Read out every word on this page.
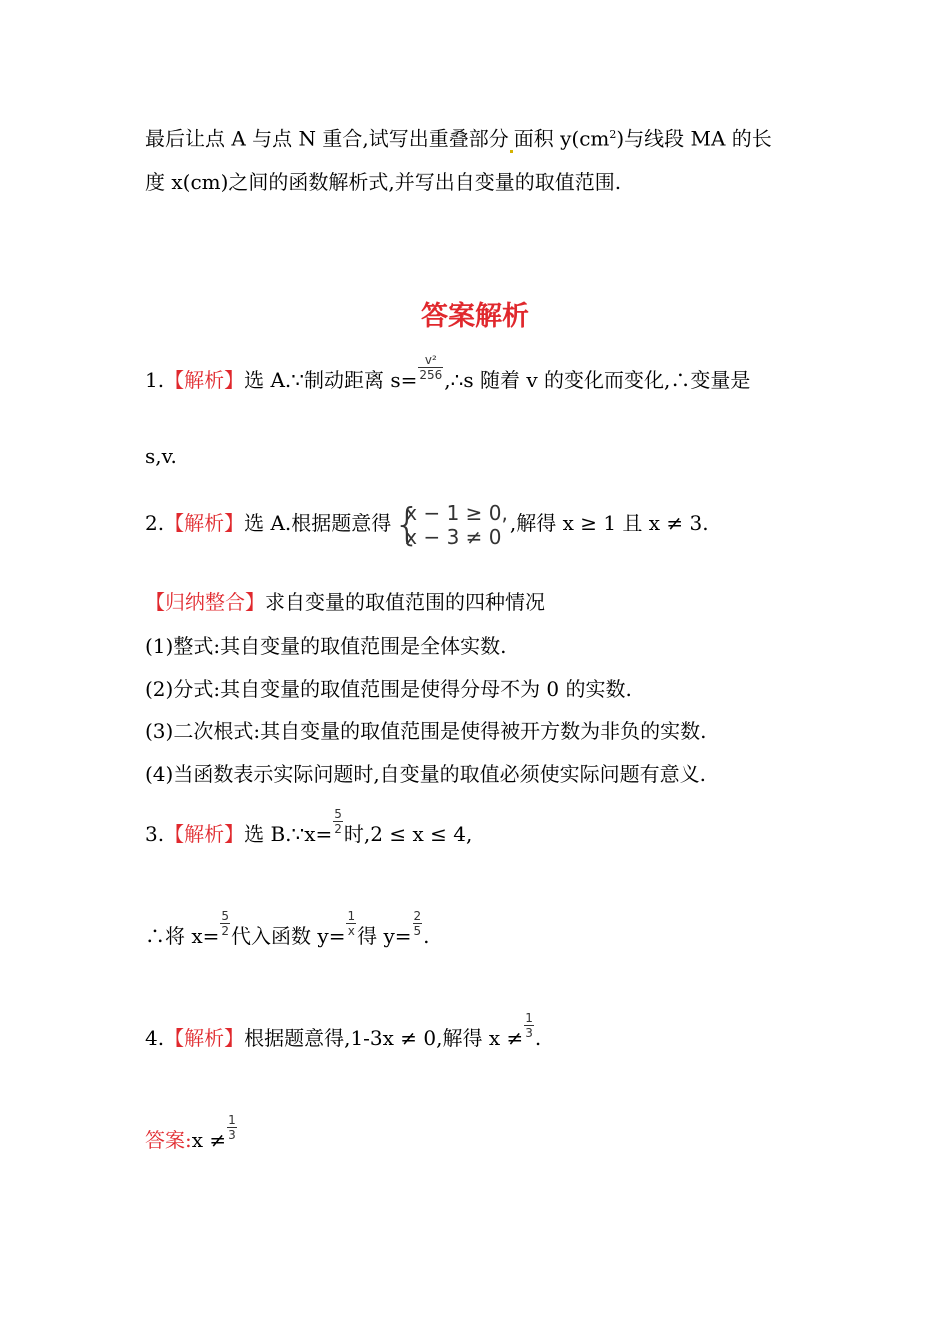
最后让点 A 与点 N 重合,试写出重叠部分 面积 $y(cm^2)$与线段 MA 的长
度 x(cm)之间的函数解析式,并写出自变量的取值范围.
答案解析
1.【解析】选 A.∵制动距离 $s= \frac{\text{v²}}{256}$ ,∴s 随着 v 的变化而变化,∴变量是
s,v.
2.【解析】选 A.根据题意得 {
x − 1 ≥ 0,
x − 3 ≠ 0
,解得 x ≥ 1 且 x ≠ 3.
【归纳整合】求自变量的取值范围的四种情况
(1)整式:其自变量的取值范围是全体实数.
(2)分式:其自变量的取值范围是使得分母不为 0 的实数.
(3)二次根式:其自变量的取值范围是使得被开方数为非负的实数.
(4)当函数表示实际问题时,自变量的取值必须使实际问题有意义.
3.【解析】选 B.∵x= $\frac{5}{2}$ 时,2 ≤ x ≤ 4,
∴将 $x= \frac{5}{2}$ 代入函数 $y= \frac{1}{x}$ 得 $y= \frac{2}{5}$ .
4.【解析】根据题意得,1-3x ≠ 0,解得 $x \ne \frac{1}{3}$ .
答案:x ≠ $\frac{1}{3}$
